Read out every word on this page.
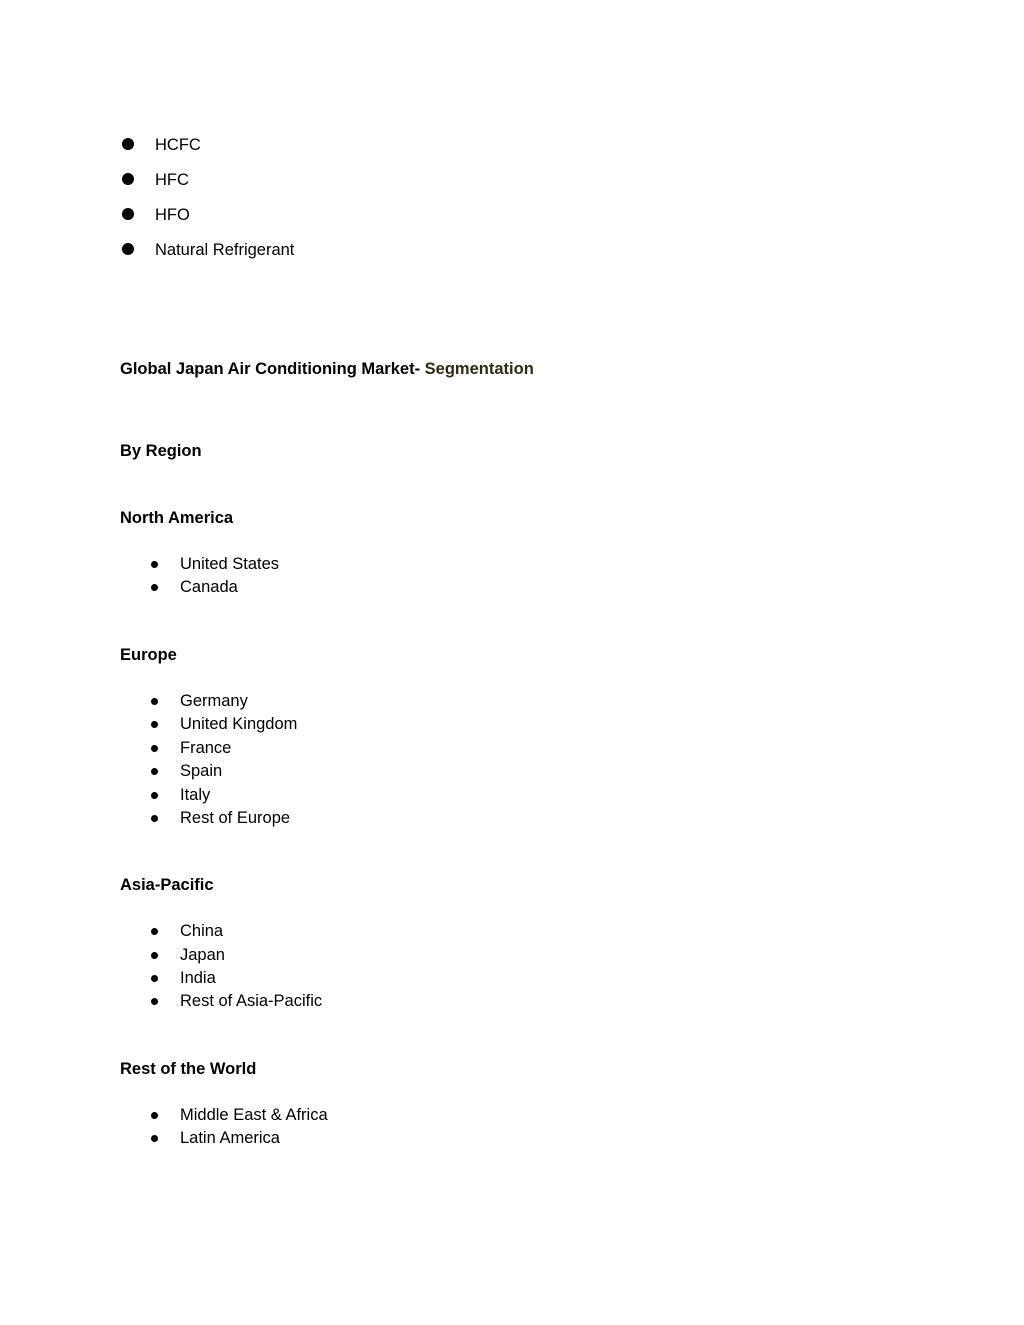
HCFC
HFC
HFO
Natural Refrigerant
Global Japan Air Conditioning Market- Segmentation
By Region
North America
United States
Canada
Europe
Germany
United Kingdom
France
Spain
Italy
Rest of Europe
Asia-Pacific
China
Japan
India
Rest of Asia-Pacific
Rest of the World
Middle East & Africa
Latin America
